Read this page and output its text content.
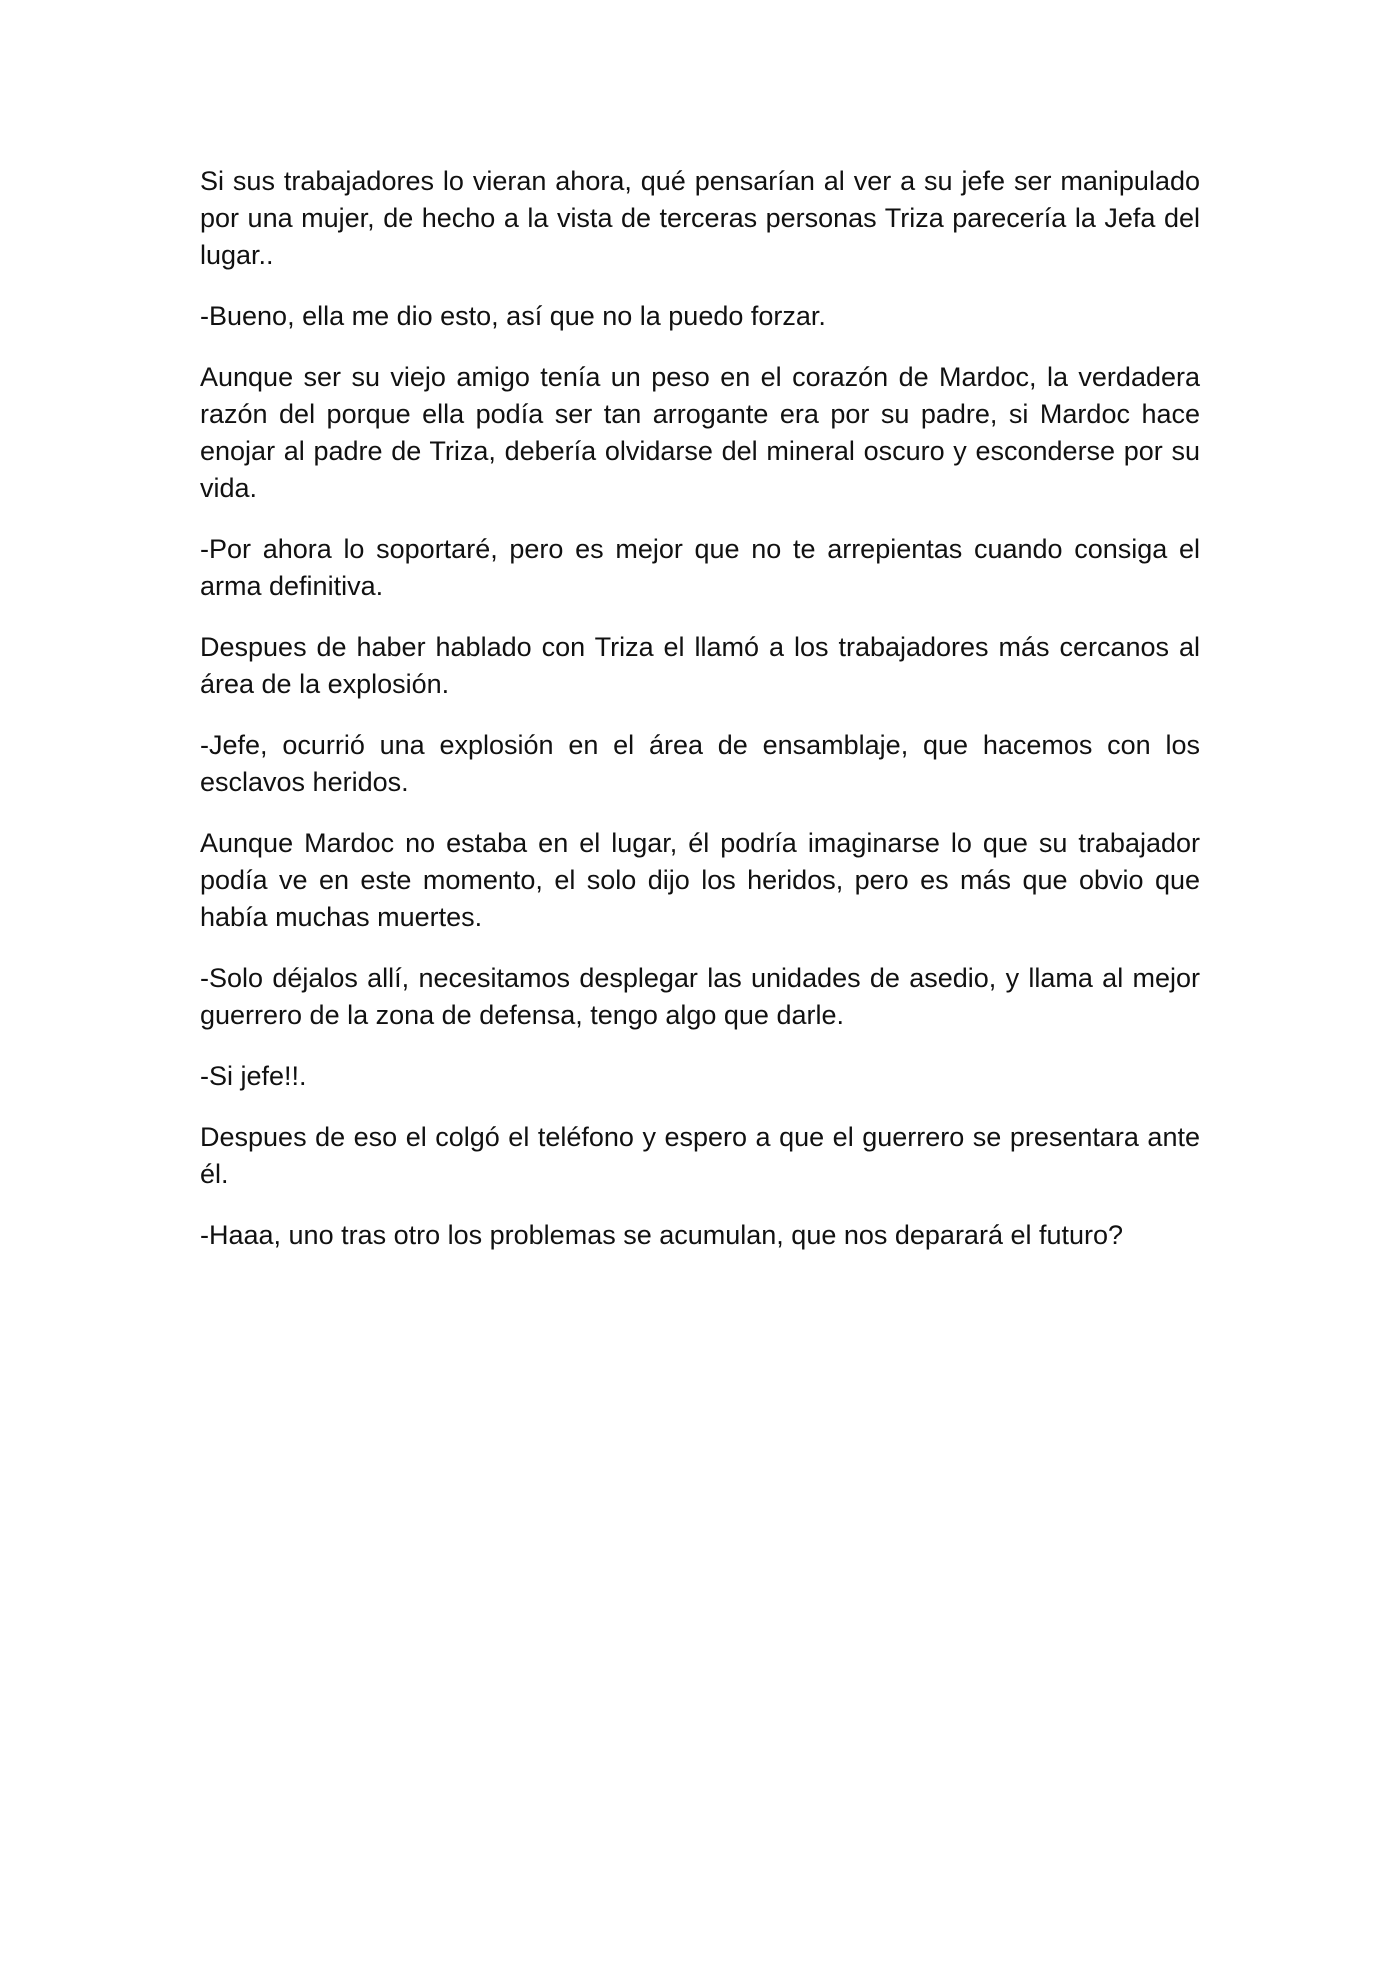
Si sus trabajadores lo vieran ahora, qué pensarían al ver a su jefe ser manipulado por una mujer, de hecho a la vista de terceras personas Triza parecería la Jefa del lugar..

-Bueno, ella me dio esto, así que no la puedo forzar.

Aunque ser su viejo amigo tenía un peso en el corazón de Mardoc, la verdadera razón del porque ella podía ser tan arrogante era por su padre, si Mardoc hace enojar al padre de Triza, debería olvidarse del mineral oscuro y esconderse por su vida.

-Por ahora lo soportaré, pero es mejor que no te arrepientas cuando consiga el arma definitiva.

Despues de haber hablado con Triza el llamó a los trabajadores más cercanos al área de la explosión.

-Jefe, ocurrió una explosión en el área de ensamblaje, que hacemos con los esclavos heridos.

Aunque Mardoc no estaba en el lugar, él podría imaginarse lo que su trabajador podía ve en este momento, el solo dijo los heridos, pero es más que obvio que había muchas muertes.

-Solo déjalos allí, necesitamos desplegar las unidades de asedio, y llama al mejor guerrero de la zona de defensa, tengo algo que darle.

-Si jefe!!.

Despues de eso el colgó el teléfono y espero a que el guerrero se presentara ante él.

-Haaa, uno tras otro los problemas se acumulan, que nos deparará el futuro?
